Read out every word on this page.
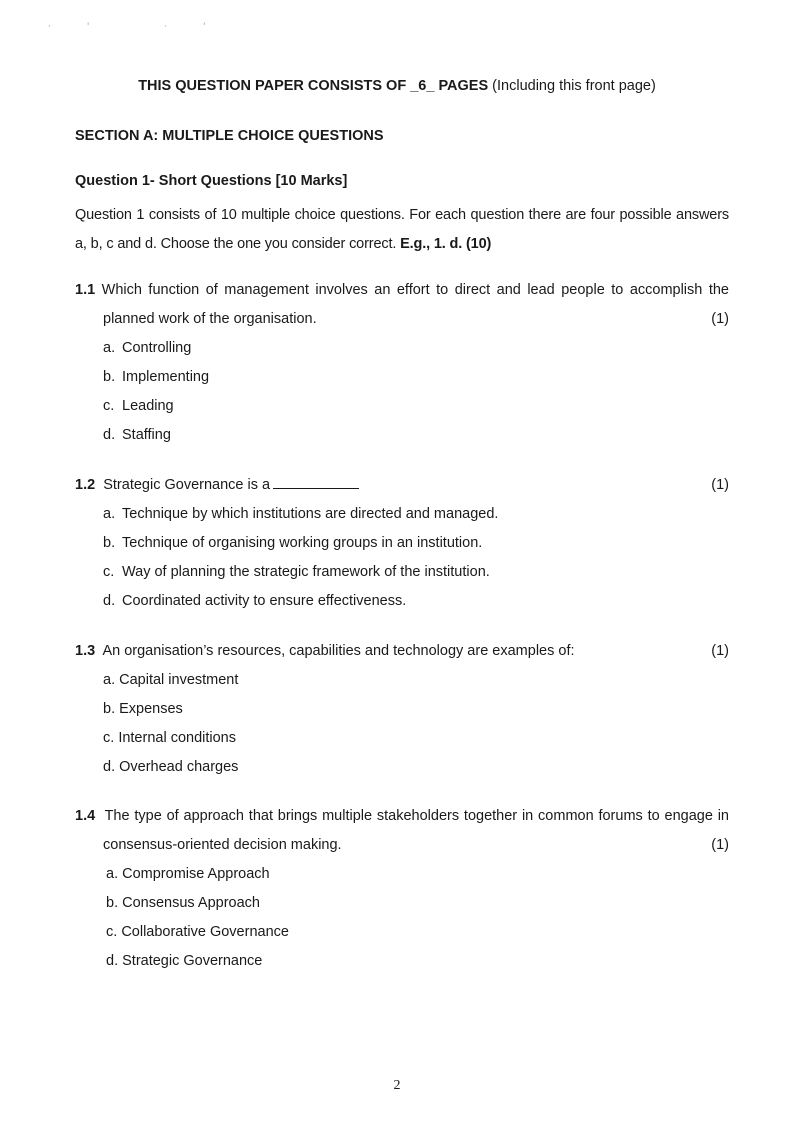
·' ·'
THIS QUESTION PAPER CONSISTS OF _6_ PAGES (Including this front page)
SECTION A: MULTIPLE CHOICE QUESTIONS
Question 1- Short Questions [10 Marks]
Question 1 consists of 10 multiple choice questions. For each question there are four possible answers a, b, c and d. Choose the one you consider correct. E.g., 1. d. (10)
1.1 Which function of management involves an effort to direct and lead people to accomplish the
planned work of the organisation.	(1)
a. Controlling
b. Implementing
c. Leading
d. Staffing
1.2 Strategic Governance is a	(1)
a. Technique by which institutions are directed and managed.
b. Technique of organising working groups in an institution.
c. Way of planning the strategic framework of the institution.
d. Coordinated activity to ensure effectiveness.
1.3 An organisation’s resources, capabilities and technology are examples of:	(1)
a. Capital investment
b. Expenses
c. Internal conditions
d. Overhead charges
1.4 The type of approach that brings multiple stakeholders together in common forums to engage in
consensus-oriented decision making.	(1)
a. Compromise Approach
b. Consensus Approach
c. Collaborative Governance
d. Strategic Governance
2
